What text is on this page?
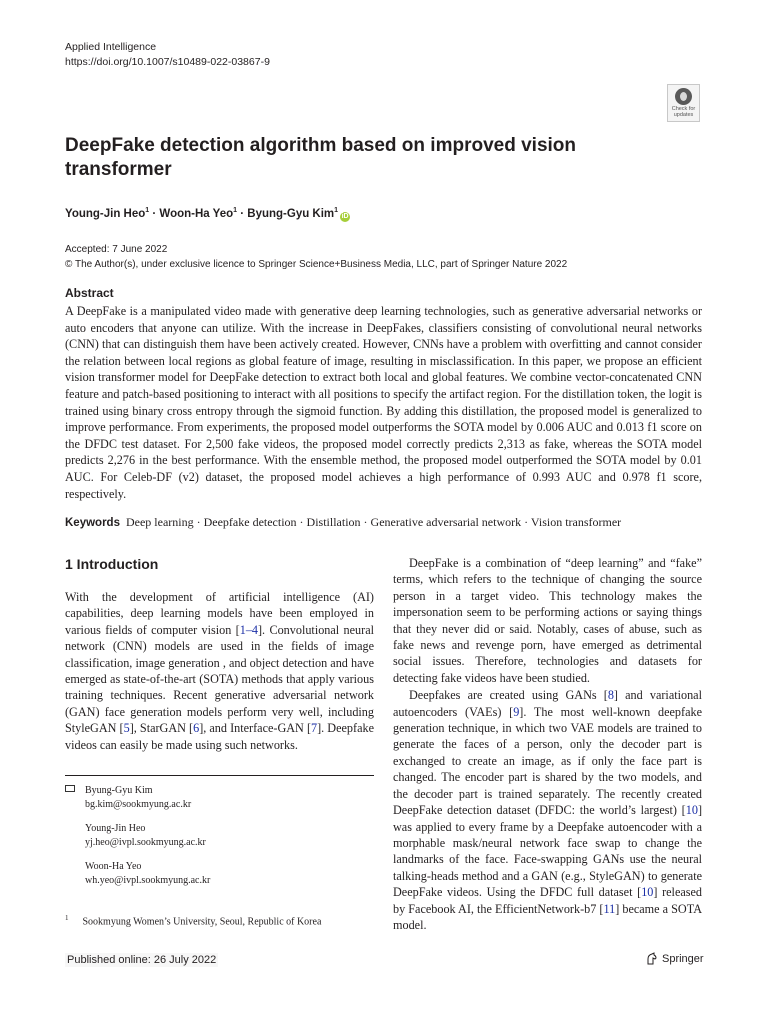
Applied Intelligence
https://doi.org/10.1007/s10489-022-03867-9
Check for
updates
DeepFake detection algorithm based on improved vision transformer
Young-Jin Heo$^1$ · Woon-Ha Yeo$^1$ · Byung-Gyu Kim$^1$iD
Accepted: 7 June 2022
© The Author(s), under exclusive licence to Springer Science+Business Media, LLC, part of Springer Nature 2022
Abstract
A DeepFake is a manipulated video made with generative deep learning technologies, such as generative adversarial networks or auto encoders that anyone can utilize. With the increase in DeepFakes, classifiers consisting of convolutional neural networks (CNN) that can distinguish them have been actively created. However, CNNs have a problem with overfitting and cannot consider the relation between local regions as global feature of image, resulting in misclassification. In this paper, we propose an efficient vision transformer model for DeepFake detection to extract both local and global features. We combine vector-concatenated CNN feature and patch-based positioning to interact with all positions to specify the artifact region. For the distillation token, the logit is trained using binary cross entropy through the sigmoid function. By adding this distillation, the proposed model is generalized to improve performance. From experiments, the proposed model outperforms the SOTA model by 0.006 AUC and 0.013 f1 score on the DFDC test dataset. For 2,500 fake videos, the proposed model correctly predicts 2,313 as fake, whereas the SOTA model predicts 2,276 in the best performance. With the ensemble method, the proposed model outperformed the SOTA model by 0.01 AUC. For Celeb-DF (v2) dataset, the proposed model achieves a high performance of 0.993 AUC and 0.978 f1 score, respectively.
Keywords Deep learning · Deepfake detection · Distillation · Generative adversarial network · Vision transformer
1 Introduction

With the development of artificial intelligence (AI) capabilities, deep learning models have been employed in various fields of computer vision [1–4]. Convolutional neural network (CNN) models are used in the fields of image classification, image generation , and object detection and have emerged as state-of-the-art (SOTA) methods that apply various training techniques. Recent generative adversarial network (GAN) face generation models perform very well, including StyleGAN [5], StarGAN [6], and Interface-GAN [7]. Deepfake videos can easily be made using such networks.

DeepFake is a combination of “deep learning” and “fake” terms, which refers to the technique of changing the source person in a target video. This technology makes the impersonation seem to be performing actions or saying things that they never did or said. Notably, cases of abuse, such as fake news and revenge porn, have emerged as detrimental social issues. Therefore, technologies and datasets for detecting fake videos have been studied.

Deepfakes are created using GANs [8] and variational autoencoders (VAEs) [9]. The most well-known deepfake generation technique, in which two VAE models are trained to generate the faces of a person, only the decoder part is exchanged to create an image, as if only the face part is changed. The encoder part is shared by the two models, and the decoder part is trained separately. The recently created DeepFake detection dataset (DFDC: the world’s largest) [10] was applied to every frame by a Deepfake autoencoder with a morphable mask/neural network face swap to change the landmarks of the face. Face-swapping GANs use the neural talking-heads method and a GAN (e.g., StyleGAN) to generate DeepFake videos. Using the DFDC full dataset [10] released by Facebook AI, the EfficientNetwork-b7 [11] became a SOTA model.

Byung-Gyu Kim
bg.kim@sookmyung.ac.kr
Young-Jin Heo
yj.heo@ivpl.sookmyung.ac.kr
Woon-Ha Yeo
wh.yeo@ivpl.sookmyung.ac.kr
$^1$ Sookmyung Women’s University, Seoul, Republic of Korea
Published online: 26 July 2022	Springer
